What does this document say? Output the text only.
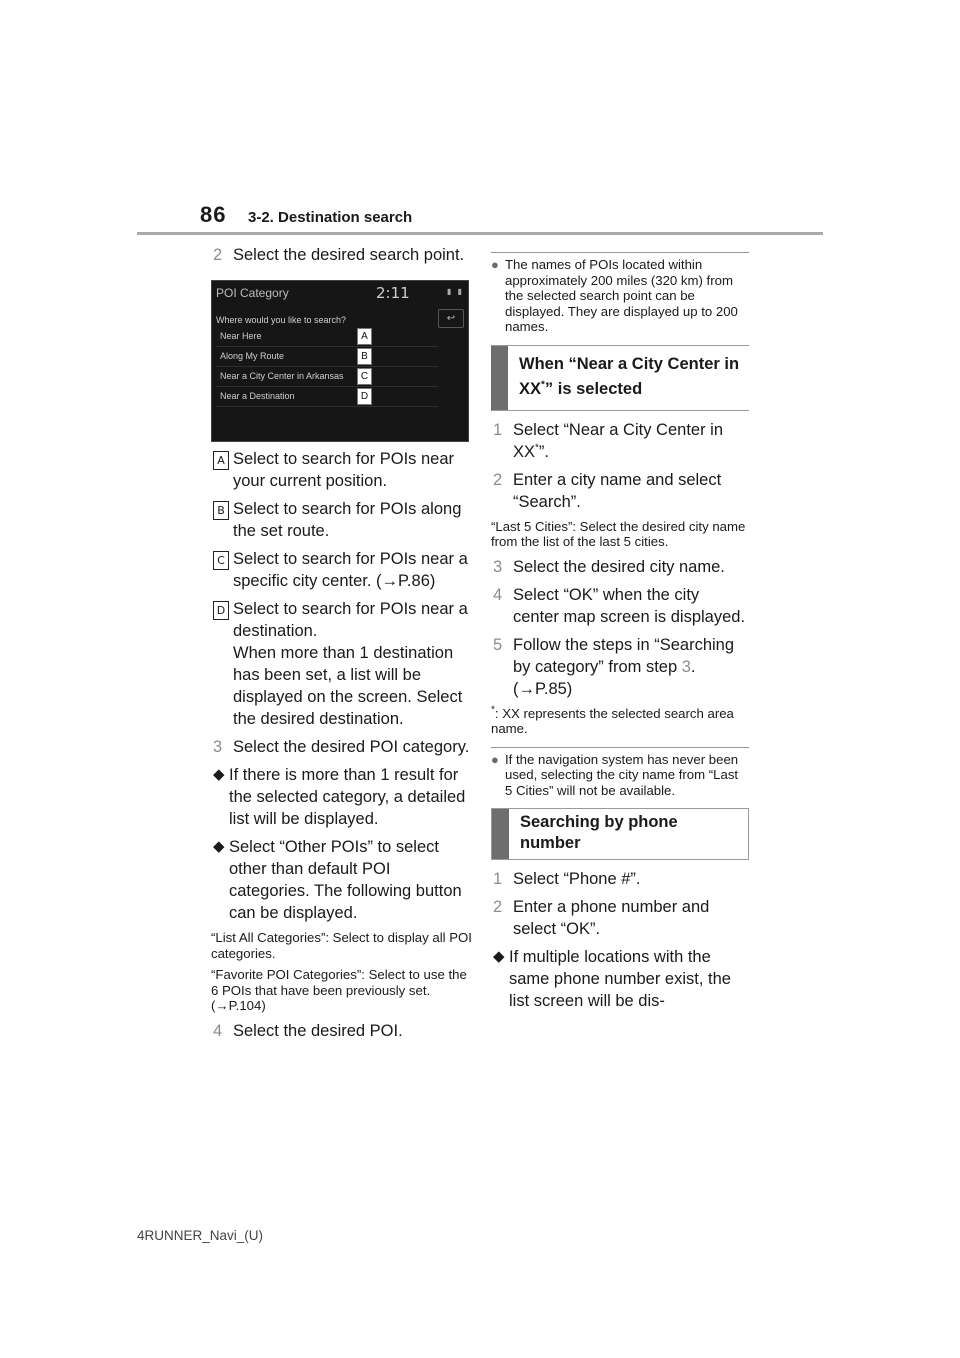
86 3-2. Destination search
2 Select the desired search point.
POI Category	2:11	▮ ▮
Where would you like to search?	↩
Near Here	A
Along My Route	B
Near a City Center in Arkansas	C
Near a Destination	D
A Select to search for POIs near your current position.
B Select to search for POIs along the set route.
C Select to search for POIs near a specific city center. (→P.86)
D Select to search for POIs near a destination.
When more than 1 destination has been set, a list will be displayed on the screen. Select the desired destination.
3 Select the desired POI category.
◆ If there is more than 1 result for the selected category, a detailed list will be displayed.
◆ Select “Other POIs” to select other than default POI categories. The following button can be displayed.
“List All Categories”: Select to display all POI categories.
“Favorite POI Categories”: Select to use the 6 POIs that have been previously set. (→P.104)
4 Select the desired POI.
● The names of POIs located within approximately 200 miles (320 km) from the selected search point can be displayed. They are displayed up to 200 names.
When “Near a City Center in XX*” is selected
1 Select “Near a City Center in XX*”.
2 Enter a city name and select “Search”.
“Last 5 Cities”: Select the desired city name from the list of the last 5 cities.
3 Select the desired city name.
4 Select “OK” when the city center map screen is displayed.
5 Follow the steps in “Searching by category” from step 3. (→P.85)
*: XX represents the selected search area name.
● If the navigation system has never been used, selecting the city name from “Last 5 Cities” will not be available.
Searching by phone number
1 Select “Phone #”.
2 Enter a phone number and select “OK”.
◆ If multiple locations with the same phone number exist, the list screen will be dis-
4RUNNER_Navi_(U)
